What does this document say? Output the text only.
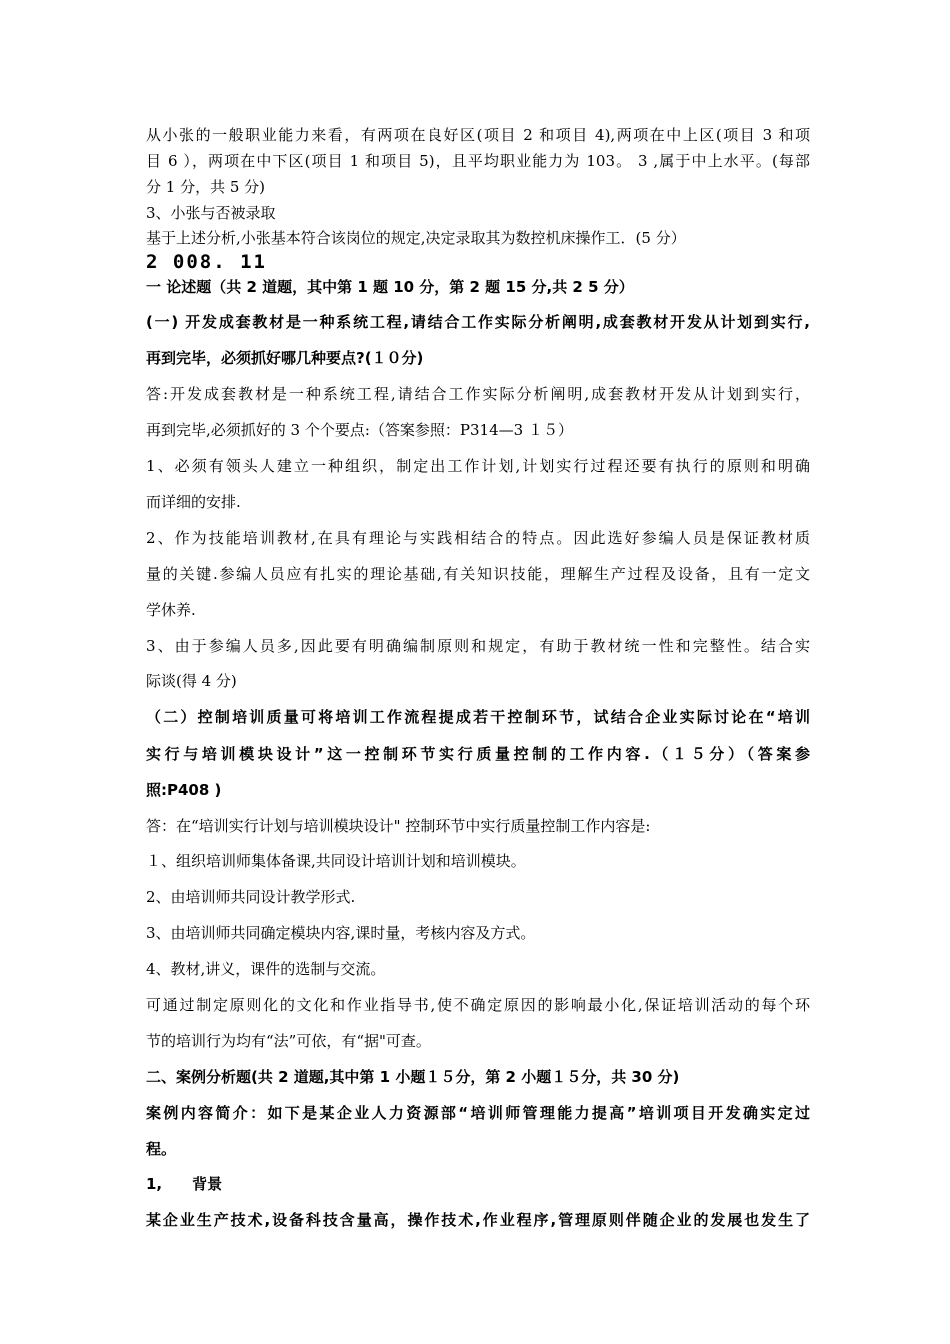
从小张的一般职业能力来看，有两项在良好区(项目 2 和项目 4),两项在中上区(项目 3 和项
目 6 ），两项在中下区(项目 1 和项目 5)，且平均职业能力为 103。 3 ,属于中上水平。(每部
分 1 分，共 5 分)
3、小张与否被录取
基于上述分析,小张基本符合该岗位的规定,决定录取其为数控机床操作工．(5 分）
2 008. 11
一 论述题（共 2 道题，其中第 1 题 10 分，第 2 题 15 分,共 2 5 分）
(一) 开发成套教材是一种系统工程,请结合工作实际分析阐明,成套教材开发从计划到实行,
再到完毕，必须抓好哪几种要点?(１０分)
答:开发成套教材是一种系统工程,请结合工作实际分析阐明,成套教材开发从计划到实行，
再到完毕,必须抓好的 3 个个要点:（答案参照：P314—3 １５）
1、必须有领头人建立一种组织，制定出工作计划,计划实行过程还要有执行的原则和明确
而详细的安排.
2、作为技能培训教材,在具有理论与实践相结合的特点。因此选好参编人员是保证教材质
量的关键.参编人员应有扎实的理论基础,有关知识技能，理解生产过程及设备，且有一定文
学休养.
3、由于参编人员多,因此要有明确编制原则和规定，有助于教材统一性和完整性。结合实
际谈(得 4 分)
（二）控制培训质量可将培训工作流程提成若干控制环节，试结合企业实际讨论在“培训
实行与培训模块设计”这一控制环节实行质量控制的工作内容.（１５分）（答案参
照:P408 )
答：在“培训实行计划与培训模块设计" 控制环节中实行质量控制工作内容是:
１、组织培训师集体备课,共同设计培训计划和培训模块。
2、由培训师共同设计教学形式.
3、由培训师共同确定模块内容,课时量，考核内容及方式。
4、教材,讲义，课件的选制与交流。
可通过制定原则化的文化和作业指导书,使不确定原因的影响最小化,保证培训活动的每个环
节的培训行为均有“法”可依，有“据"可查。
二、案例分析题(共 2 道题,其中第 1 小题１５分，第 2 小题１５分，共 30 分)
案例内容简介：如下是某企业人力资源部“培训师管理能力提高”培训项目开发确实定过
程。
1,　　背景
某企业生产技术,设备科技含量高，操作技术,作业程序,管理原则伴随企业的发展也发生了
